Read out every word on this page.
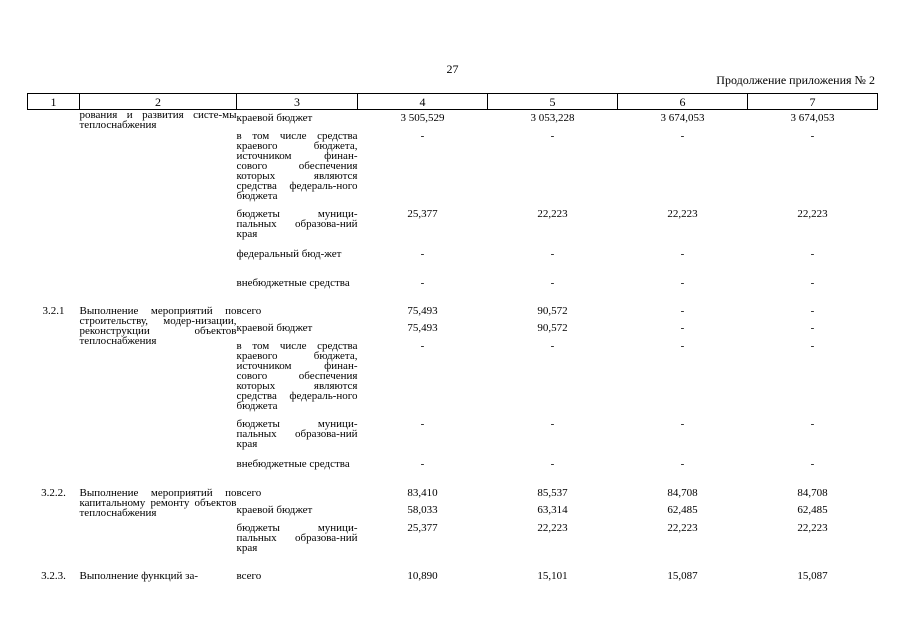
27
Продолжение приложения № 2
1	2	3	4	5	6	7
	рования и развития систе-мы теплоснабжения	краевой бюджет	3 505,529	3 053,228	3 674,053	3 674,053
		в том числе средства краевого бюджета, источником финан-сового обеспечения которых являются средства федераль-ного бюджета	-	-	-	-
		бюджеты муници-пальных образова-ний края	25,377	22,223	22,223	22,223
		федеральный бюд-жет	-	-	-	-
		внебюджетные средства	-	-	-	-
3.2.1	Выполнение мероприятий по строительству, модер-низации, реконструкции объектов теплоснабжения	всего	75,493	90,572	-	-
		краевой бюджет	75,493	90,572	-	-
		в том числе средства краевого бюджета, источником финан-сового обеспечения которых являются средства федераль-ного бюджета	-	-	-	-
		бюджеты муници-пальных образова-ний края	-	-	-	-
		внебюджетные средства	-	-	-	-
3.2.2.	Выполнение мероприятий по капитальному ремонту объектов теплоснабжения	всего	83,410	85,537	84,708	84,708
		краевой бюджет	58,033	63,314	62,485	62,485
		бюджеты муници-пальных образова-ний края	25,377	22,223	22,223	22,223

3.2.3.	Выполнение функций за-	всего	10,890	15,101	15,087	15,087
